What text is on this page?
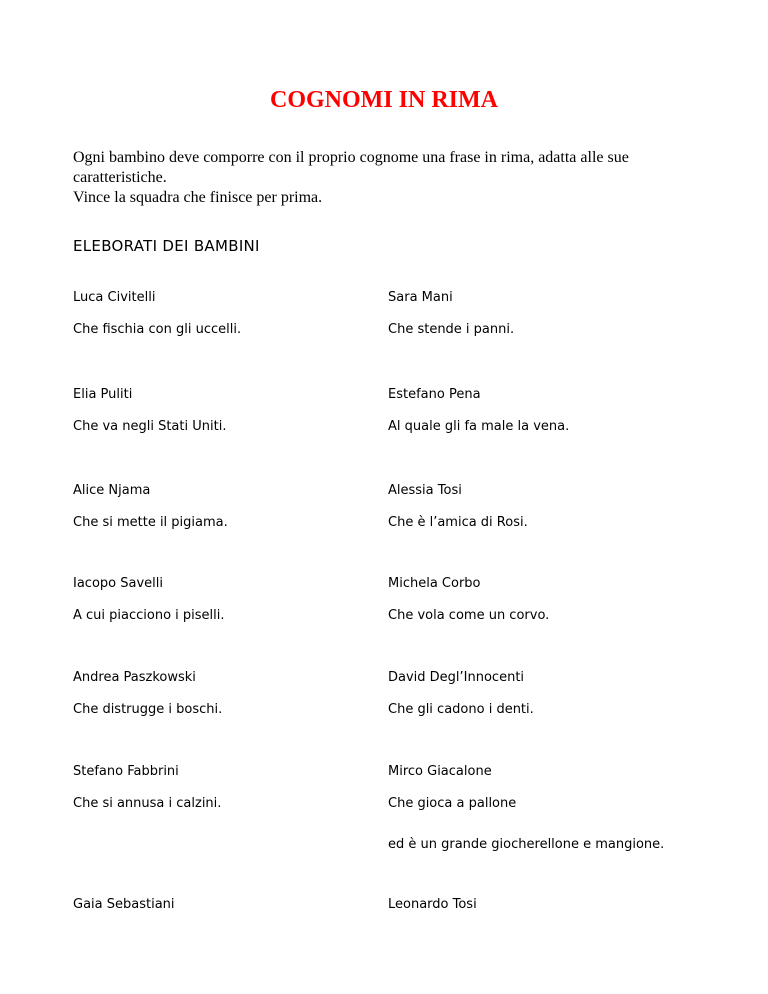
COGNOMI IN RIMA

Ogni bambino deve comporre con il proprio cognome una frase in rima, adatta alle sue caratteristiche.

Vince la squadra che finisce per prima.

ELEBORATI DEI BAMBINI
Luca Civitelli
Che fischia con gli uccelli.
Sara Mani
Che stende i panni.
Elia Puliti
Che va negli Stati Uniti.
Estefano Pena
Al quale gli fa male la vena.
Alice Njama
Che si mette il pigiama.
Alessia Tosi
Che è l’amica di Rosi.
Iacopo Savelli
A cui piacciono i piselli.
Michela Corbo
Che vola come un corvo.
Andrea Paszkowski
Che distrugge i boschi.
David Degl’Innocenti
Che gli cadono i denti.
Stefano Fabbrini
Che si annusa i calzini.
Mirco Giacalone
Che gioca a pallone
ed è un grande giocherellone e mangione.
Gaia Sebastiani	Leonardo Tosi
